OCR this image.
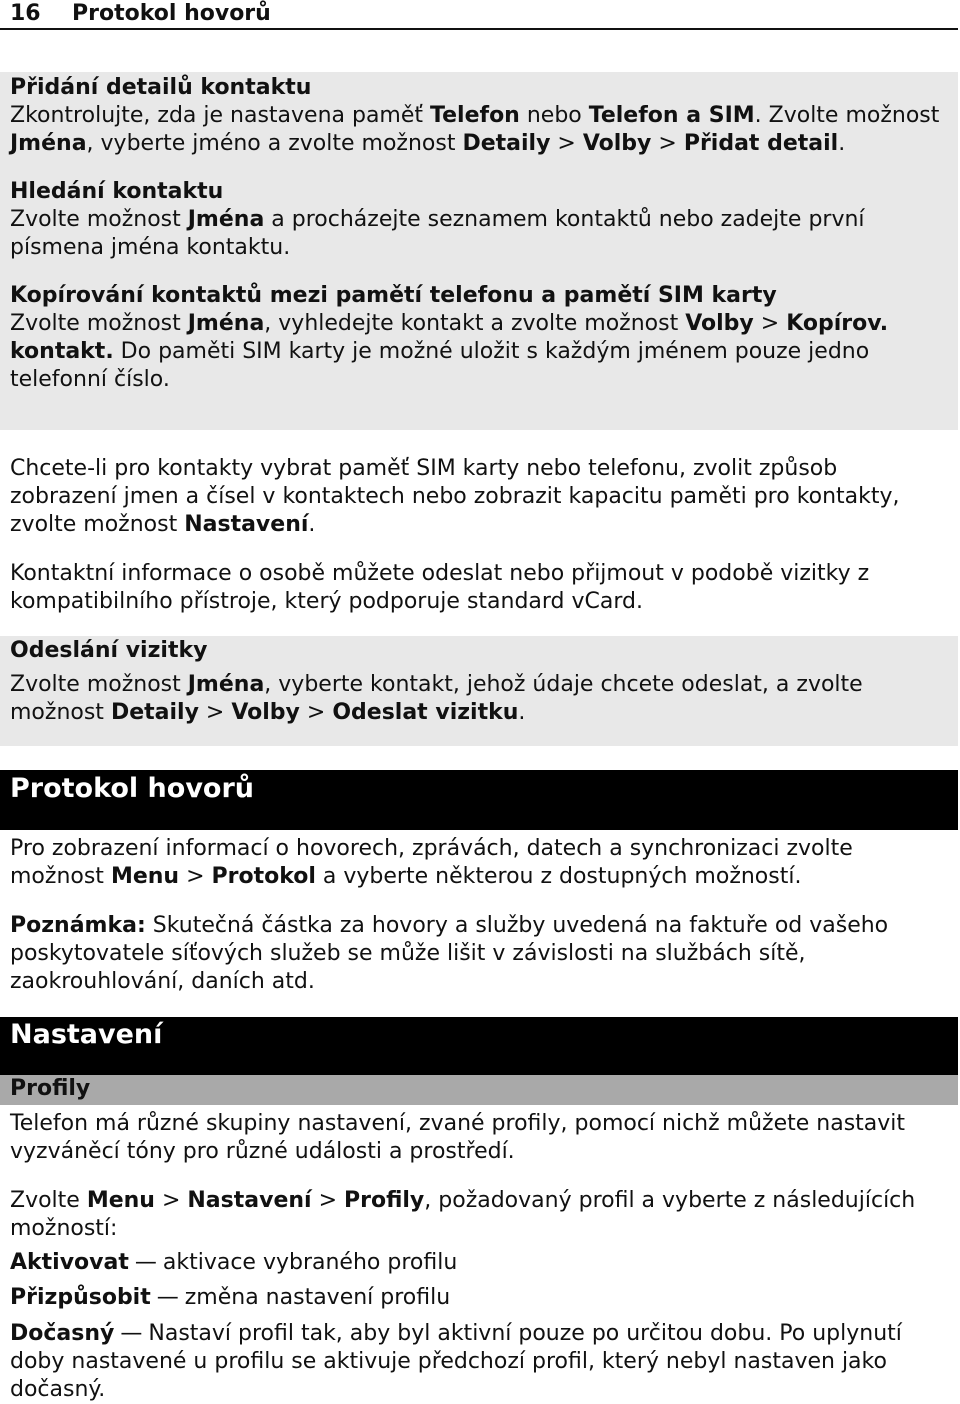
16 Protokol hovorů

Přidání detailů kontaktu

Zkontrolujte, zda je nastavena paměť Telefon nebo Telefon a SIM. Zvolte možnost Jména, vyberte jméno a zvolte možnost Detaily > Volby > Přidat detail.

Hledání kontaktu

Zvolte možnost Jména a procházejte seznamem kontaktů nebo zadejte první písmena jména kontaktu.

Kopírování kontaktů mezi pamětí telefonu a pamětí SIM karty

Zvolte možnost Jména, vyhledejte kontakt a zvolte možnost Volby > Kopírov. kontakt. Do paměti SIM karty je možné uložit s každým jménem pouze jedno telefonní číslo.

Chcete-li pro kontakty vybrat paměť SIM karty nebo telefonu, zvolit způsob zobrazení jmen a čísel v kontaktech nebo zobrazit kapacitu paměti pro kontakty, zvolte možnost Nastavení.

Kontaktní informace o osobě můžete odeslat nebo přijmout v podobě vizitky z kompatibilního přístroje, který podporuje standard vCard.

Odeslání vizitky

Zvolte možnost Jména, vyberte kontakt, jehož údaje chcete odeslat, a zvolte možnost Detaily > Volby > Odeslat vizitku.

Protokol hovorů

Pro zobrazení informací o hovorech, zprávách, datech a synchronizaci zvolte možnost Menu > Protokol a vyberte některou z dostupných možností.

Poznámka: Skutečná částka za hovory a služby uvedená na faktuře od vašeho poskytovatele síťových služeb se může lišit v závislosti na službách sítě, zaokrouhlování, daních atd.

Nastavení
Profily

Telefon má různé skupiny nastavení, zvané profily, pomocí nichž můžete nastavit vyzváněcí tóny pro různé události a prostředí.

Zvolte Menu > Nastavení > Profily, požadovaný profil a vyberte z následujících možností:

Aktivovat — aktivace vybraného profilu

Přizpůsobit — změna nastavení profilu

Dočasný — Nastaví profil tak, aby byl aktivní pouze po určitou dobu. Po uplynutí doby nastavené u profilu se aktivuje předchozí profil, který nebyl nastaven jako dočasný.
